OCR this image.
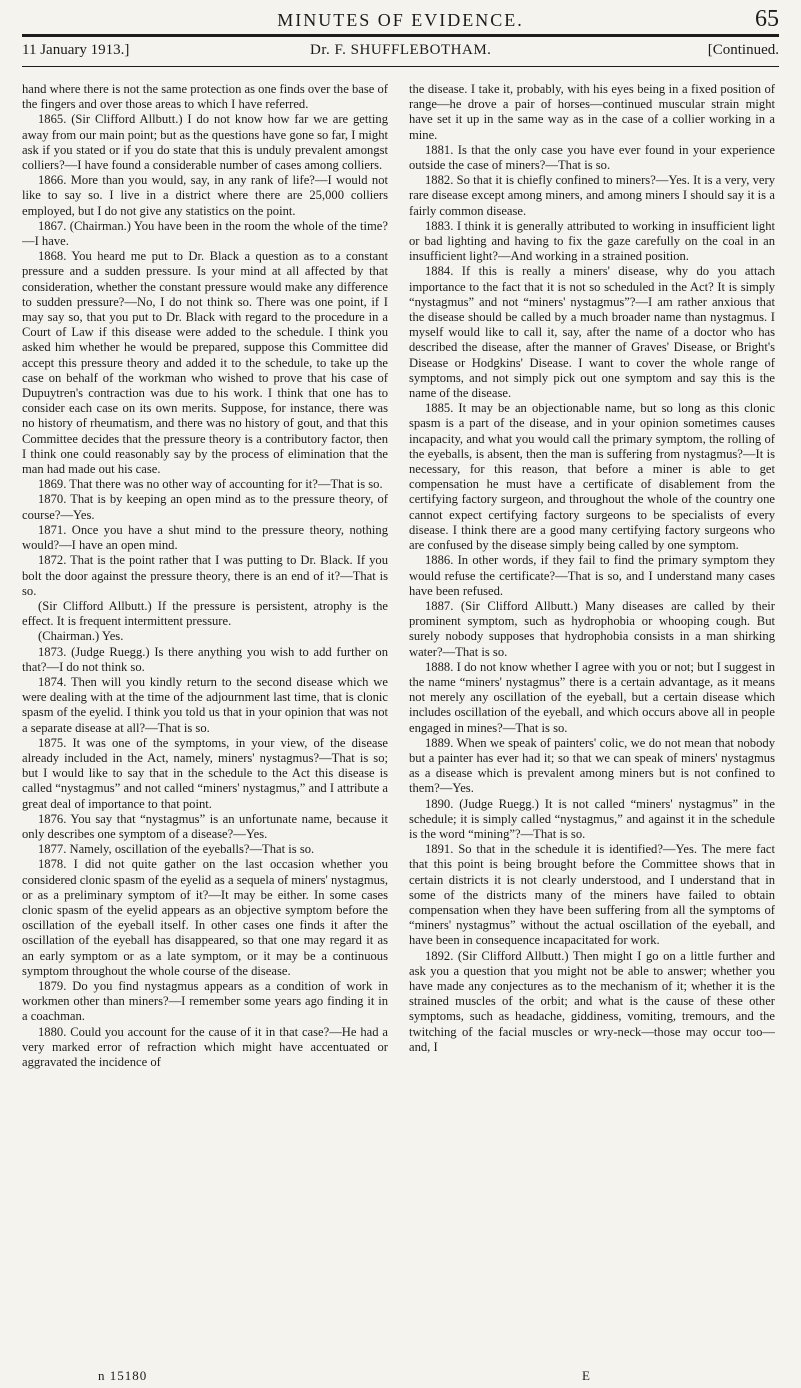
MINUTES OF EVIDENCE.	65
11 January 1913.]	Dr. F. SHUFFLEBOTHAM.	[Continued.

hand where there is not the same protection as one finds over the base of the fingers and over those areas to which I have referred.

1865. (Sir Clifford Allbutt.) I do not know how far we are getting away from our main point; but as the questions have gone so far, I might ask if you stated or if you do state that this is unduly prevalent amongst colliers?—I have found a considerable number of cases among colliers.

1866. More than you would, say, in any rank of life?—I would not like to say so. I live in a district where there are 25,000 colliers employed, but I do not give any statistics on the point.

1867. (Chairman.) You have been in the room the whole of the time?—I have.

1868. You heard me put to Dr. Black a question as to a constant pressure and a sudden pressure. Is your mind at all affected by that consideration, whether the constant pressure would make any difference to sudden pressure?—No, I do not think so. There was one point, if I may say so, that you put to Dr. Black with regard to the procedure in a Court of Law if this disease were added to the schedule. I think you asked him whether he would be prepared, suppose this Committee did accept this pressure theory and added it to the schedule, to take up the case on behalf of the workman who wished to prove that his case of Dupuytren's contraction was due to his work. I think that one has to consider each case on its own merits. Suppose, for instance, there was no history of rheumatism, and there was no history of gout, and that this Committee decides that the pressure theory is a contributory factor, then I think one could reasonably say by the process of elimination that the man had made out his case.

1869. That there was no other way of accounting for it?—That is so.

1870. That is by keeping an open mind as to the pressure theory, of course?—Yes.

1871. Once you have a shut mind to the pressure theory, nothing would?—I have an open mind.

1872. That is the point rather that I was putting to Dr. Black. If you bolt the door against the pressure theory, there is an end of it?—That is so.

(Sir Clifford Allbutt.) If the pressure is persistent, atrophy is the effect. It is frequent intermittent pressure.

(Chairman.) Yes.

1873. (Judge Ruegg.) Is there anything you wish to add further on that?—I do not think so.

1874. Then will you kindly return to the second disease which we were dealing with at the time of the adjournment last time, that is clonic spasm of the eyelid. I think you told us that in your opinion that was not a separate disease at all?—That is so.

1875. It was one of the symptoms, in your view, of the disease already included in the Act, namely, miners' nystagmus?—That is so; but I would like to say that in the schedule to the Act this disease is called “nystagmus” and not called “miners' nystagmus,” and I attribute a great deal of importance to that point.

1876. You say that “nystagmus” is an unfortunate name, because it only describes one symptom of a disease?—Yes.

1877. Namely, oscillation of the eyeballs?—That is so.

1878. I did not quite gather on the last occasion whether you considered clonic spasm of the eyelid as a sequela of miners' nystagmus, or as a preliminary symptom of it?—It may be either. In some cases clonic spasm of the eyelid appears as an objective symptom before the oscillation of the eyeball itself. In other cases one finds it after the oscillation of the eyeball has disappeared, so that one may regard it as an early symptom or as a late symptom, or it may be a continuous symptom throughout the whole course of the disease.

1879. Do you find nystagmus appears as a condition of work in workmen other than miners?—I remember some years ago finding it in a coachman.

1880. Could you account for the cause of it in that case?—He had a very marked error of refraction which might have accentuated or aggravated the incidence of

the disease. I take it, probably, with his eyes being in a fixed position of range—he drove a pair of horses—continued muscular strain might have set it up in the same way as in the case of a collier working in a mine.

1881. Is that the only case you have ever found in your experience outside the case of miners?—That is so.

1882. So that it is chiefly confined to miners?—Yes. It is a very, very rare disease except among miners, and among miners I should say it is a fairly common disease.

1883. I think it is generally attributed to working in insufficient light or bad lighting and having to fix the gaze carefully on the coal in an insufficient light?—And working in a strained position.

1884. If this is really a miners' disease, why do you attach importance to the fact that it is not so scheduled in the Act? It is simply “nystagmus” and not “miners' nystagmus”?—I am rather anxious that the disease should be called by a much broader name than nystagmus. I myself would like to call it, say, after the name of a doctor who has described the disease, after the manner of Graves' Disease, or Bright's Disease or Hodgkins' Disease. I want to cover the whole range of symptoms, and not simply pick out one symptom and say this is the name of the disease.

1885. It may be an objectionable name, but so long as this clonic spasm is a part of the disease, and in your opinion sometimes causes incapacity, and what you would call the primary symptom, the rolling of the eyeballs, is absent, then the man is suffering from nystagmus?—It is necessary, for this reason, that before a miner is able to get compensation he must have a certificate of disablement from the certifying factory surgeon, and throughout the whole of the country one cannot expect certifying factory surgeons to be specialists of every disease. I think there are a good many certifying factory surgeons who are confused by the disease simply being called by one symptom.

1886. In other words, if they fail to find the primary symptom they would refuse the certificate?—That is so, and I understand many cases have been refused.

1887. (Sir Clifford Allbutt.) Many diseases are called by their prominent symptom, such as hydrophobia or whooping cough. But surely nobody supposes that hydrophobia consists in a man shirking water?—That is so.

1888. I do not know whether I agree with you or not; but I suggest in the name “miners' nystagmus” there is a certain advantage, as it means not merely any oscillation of the eyeball, but a certain disease which includes oscillation of the eyeball, and which occurs above all in people engaged in mines?—That is so.

1889. When we speak of painters' colic, we do not mean that nobody but a painter has ever had it; so that we can speak of miners' nystagmus as a disease which is prevalent among miners but is not confined to them?—Yes.

1890. (Judge Ruegg.) It is not called “miners' nystagmus” in the schedule; it is simply called “nystagmus,” and against it in the schedule is the word “mining”?—That is so.

1891. So that in the schedule it is identified?—Yes. The mere fact that this point is being brought before the Committee shows that in certain districts it is not clearly understood, and I understand that in some of the districts many of the miners have failed to obtain compensation when they have been suffering from all the symptoms of “miners' nystagmus” without the actual oscillation of the eyeball, and have been in consequence incapacitated for work.

1892. (Sir Clifford Allbutt.) Then might I go on a little further and ask you a question that you might not be able to answer; whether you have made any conjectures as to the mechanism of it; whether it is the strained muscles of the orbit; and what is the cause of these other symptoms, such as headache, giddiness, vomiting, tremours, and the twitching of the facial muscles or wry-neck—those may occur too—and, I

n 15180	E
